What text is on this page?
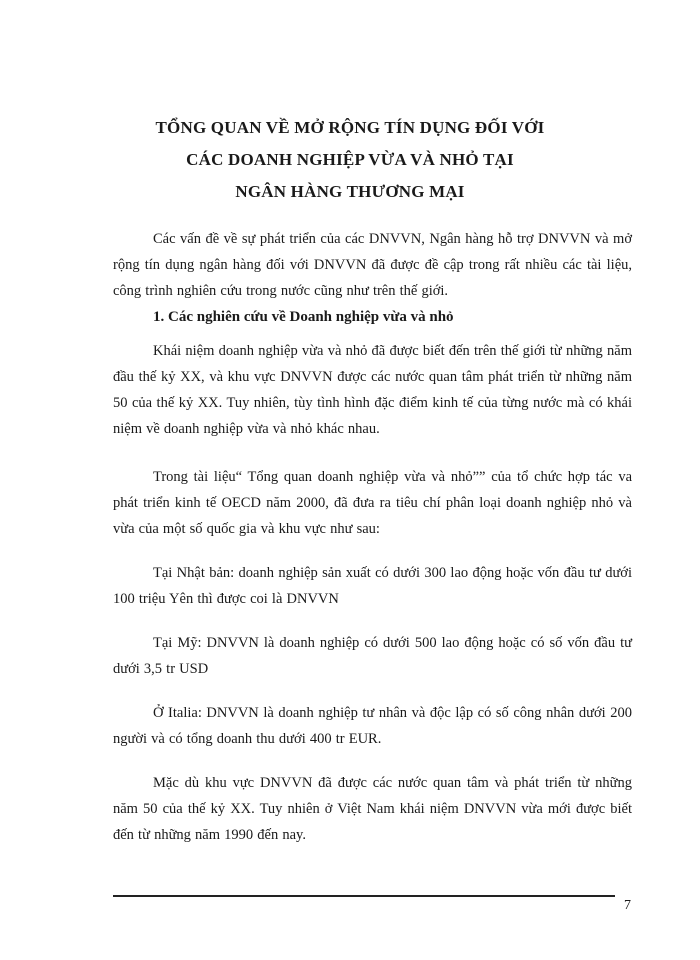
TỔNG QUAN VỀ MỞ RỘNG TÍN DỤNG ĐỐI VỚI
CÁC DOANH NGHIỆP VỪA VÀ NHỎ TẠI
NGÂN HÀNG THƯƠNG MẠI

Các vấn đề về sự phát triển của các DNVVN, Ngân hàng hỗ trợ DNVVN và mở rộng tín dụng ngân hàng đối với DNVVN đã được đề cập trong rất nhiều các tài liệu, công trình nghiên cứu trong nước cũng như trên thế giới.

1. Các nghiên cứu về Doanh nghiệp vừa và nhỏ

Khái niệm doanh nghiệp vừa và nhỏ đã được biết đến trên thế giới từ những năm đầu thế kỷ XX, và khu vực DNVVN được các nước quan tâm phát triển từ những năm 50 của thế kỷ XX. Tuy nhiên, tùy tình hình đặc điểm kinh tế của từng nước mà có khái niệm về doanh nghiệp vừa và nhỏ khác nhau.

Trong tài liệu“ Tổng quan doanh nghiệp vừa và nhỏ”” của tổ chức hợp tác va phát triển kinh tế OECD năm 2000, đã đưa ra tiêu chí phân loại doanh nghiệp nhỏ và vừa của một số quốc gia và khu vực như sau:

Tại Nhật bản: doanh nghiệp sản xuất có dưới 300 lao động hoặc vốn đầu tư dưới 100 triệu Yên thì được coi là DNVVN

Tại Mỹ: DNVVN là doanh nghiệp có dưới 500 lao động hoặc có số vốn đầu tư dưới 3,5 tr USD

Ở Italia: DNVVN là doanh nghiệp tư nhân và độc lập có số công nhân dưới 200 người và có tổng doanh thu dưới 400 tr EUR.

Mặc dù khu vực DNVVN đã được các nước quan tâm và phát triển từ những năm 50 của thế kỷ XX. Tuy nhiên ở Việt Nam khái niệm DNVVN vừa mới được biết đến từ những năm 1990 đến nay.

7
